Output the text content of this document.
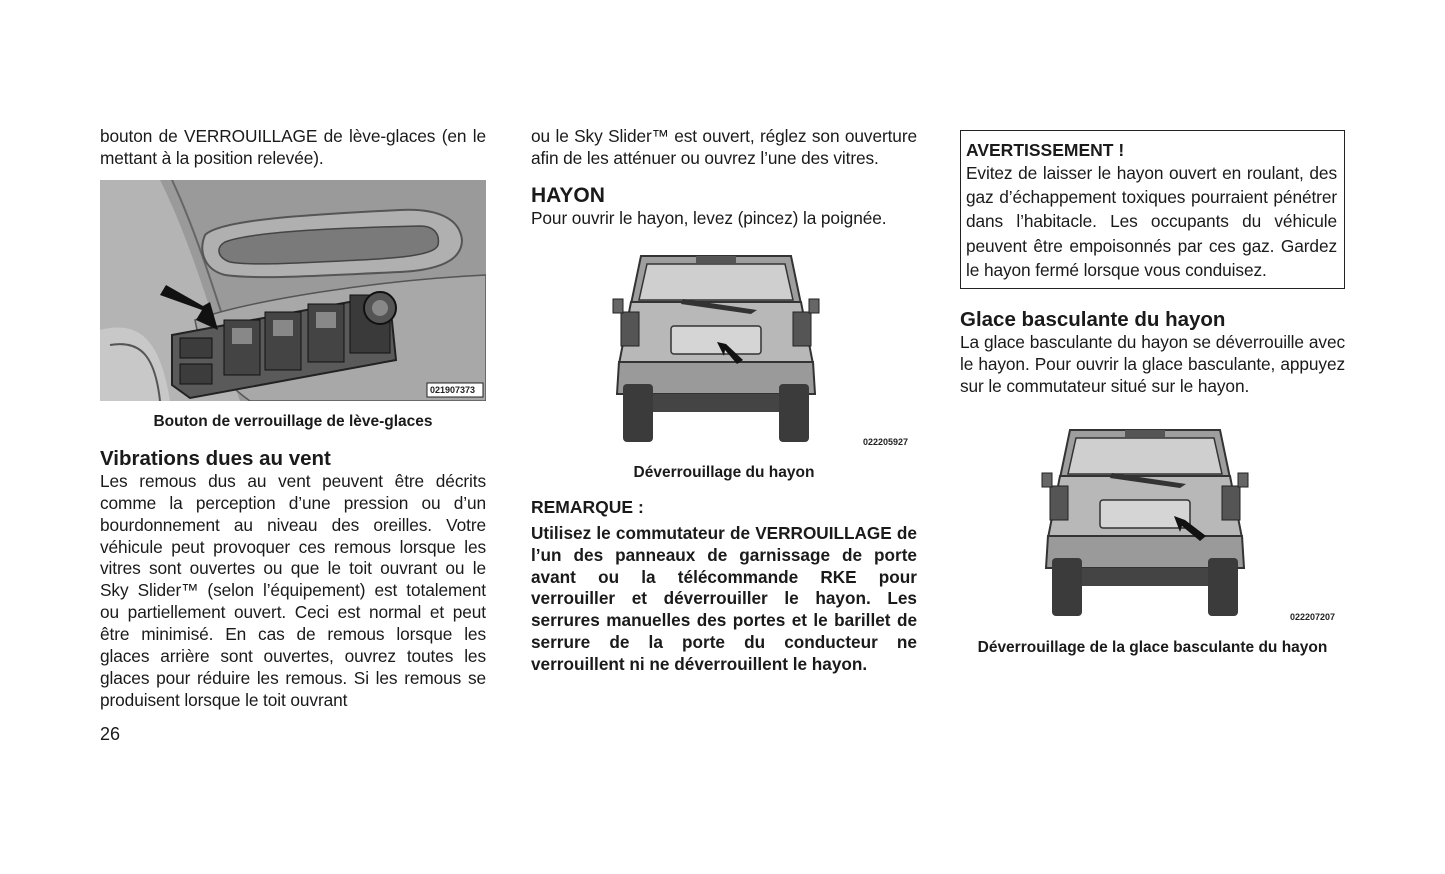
bouton de VERROUILLAGE de lève-glaces (en le mettant à la position relevée).

021907373

Bouton de verrouillage de lève-glaces

Vibrations dues au vent

Les remous dus au vent peuvent être décrits comme la perception d’une pression ou d’un bourdonnement au niveau des oreilles. Votre véhicule peut provoquer ces remous lorsque les vitres sont ouvertes ou que le toit ouvrant ou le Sky Slider™ (selon l’équipement) est totalement ou partiellement ouvert. Ceci est normal et peut être minimisé. En cas de remous lorsque les glaces arrière sont ouvertes, ouvrez toutes les glaces pour réduire les remous. Si les remous se produisent lorsque le toit ouvrant

ou le Sky Slider™ est ouvert, réglez son ouverture afin de les atténuer ou ouvrez l’une des vitres.

HAYON

Pour ouvrir le hayon, levez (pincez) la poignée.

022205927

Déverrouillage du hayon

REMARQUE :

Utilisez le commutateur de VERROUILLAGE de l’un des panneaux de garnissage de porte avant ou la télécommande RKE pour verrouiller et déverrouiller le hayon. Les serrures manuelles des portes et le barillet de serrure de la porte du conducteur ne verrouillent ni ne déverrouillent le hayon.

AVERTISSEMENT !

Evitez de laisser le hayon ouvert en roulant, des gaz d’échappement toxiques pourraient pénétrer dans l’habitacle. Les occupants du véhicule peuvent être empoisonnés par ces gaz. Gardez le hayon fermé lorsque vous conduisez.

Glace basculante du hayon

La glace basculante du hayon se déverrouille avec le hayon. Pour ouvrir la glace basculante, appuyez sur le commutateur situé sur le hayon.

022207207

Déverrouillage de la glace basculante du hayon

26
